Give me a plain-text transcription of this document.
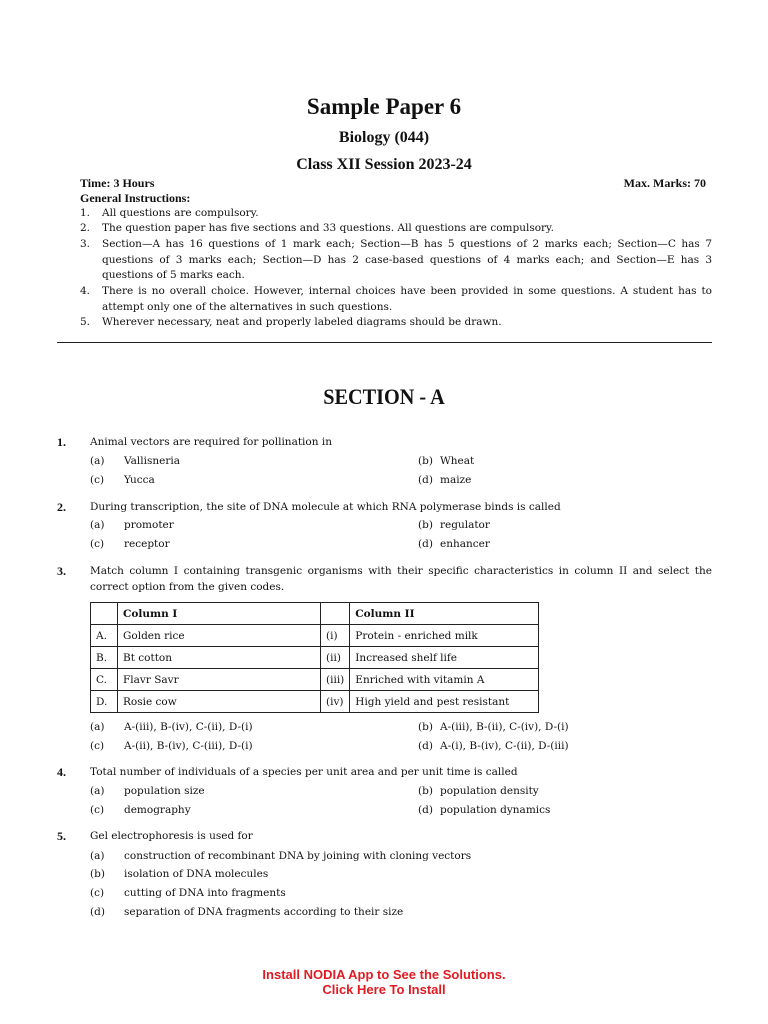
Sample Paper 6
Biology (044)
Class XII Session 2023-24
Time: 3 Hours	Max. Marks: 70
General Instructions:
1. All questions are compulsory.
2. The question paper has five sections and 33 questions. All questions are compulsory.
3. Section—A has 16 questions of 1 mark each; Section—B has 5 questions of 2 marks each; Section—C has 7 questions of 3 marks each; Section—D has 2 case-based questions of 4 marks each; and Section—E has 3 questions of 5 marks each.
4. There is no overall choice. However, internal choices have been provided in some questions. A student has to attempt only one of the alternatives in such questions.
5. Wherever necessary, neat and properly labeled diagrams should be drawn.
SECTION - A
1. Animal vectors are required for pollination in
(a) Vallisneria	(b) Wheat
(c) Yucca	(d) maize
2. During transcription, the site of DNA molecule at which RNA polymerase binds is called
(a) promoter	(b) regulator
(c) receptor	(d) enhancer
3. Match column I containing transgenic organisms with their specific characteristics in column II and select the correct option from the given codes.
	Column I		Column II
A.	Golden rice	(i)	Protein - enriched milk
B.	Bt cotton	(ii)	Increased shelf life
C.	Flavr Savr	(iii)	Enriched with vitamin A
D.	Rosie cow	(iv)	High yield and pest resistant
(a) A-(iii), B-(iv), C-(ii), D-(i)	(b) A-(iii), B-(ii), C-(iv), D-(i)
(c) A-(ii), B-(iv), C-(iii), D-(i)	(d) A-(i), B-(iv), C-(ii), D-(iii)
4. Total number of individuals of a species per unit area and per unit time is called
(a) population size	(b) population density
(c) demography	(d) population dynamics
5. Gel electrophoresis is used for
(a) construction of recombinant DNA by joining with cloning vectors
(b) isolation of DNA molecules
(c) cutting of DNA into fragments
(d) separation of DNA fragments according to their size
Install NODIA App to See the Solutions.
Click Here To Install
